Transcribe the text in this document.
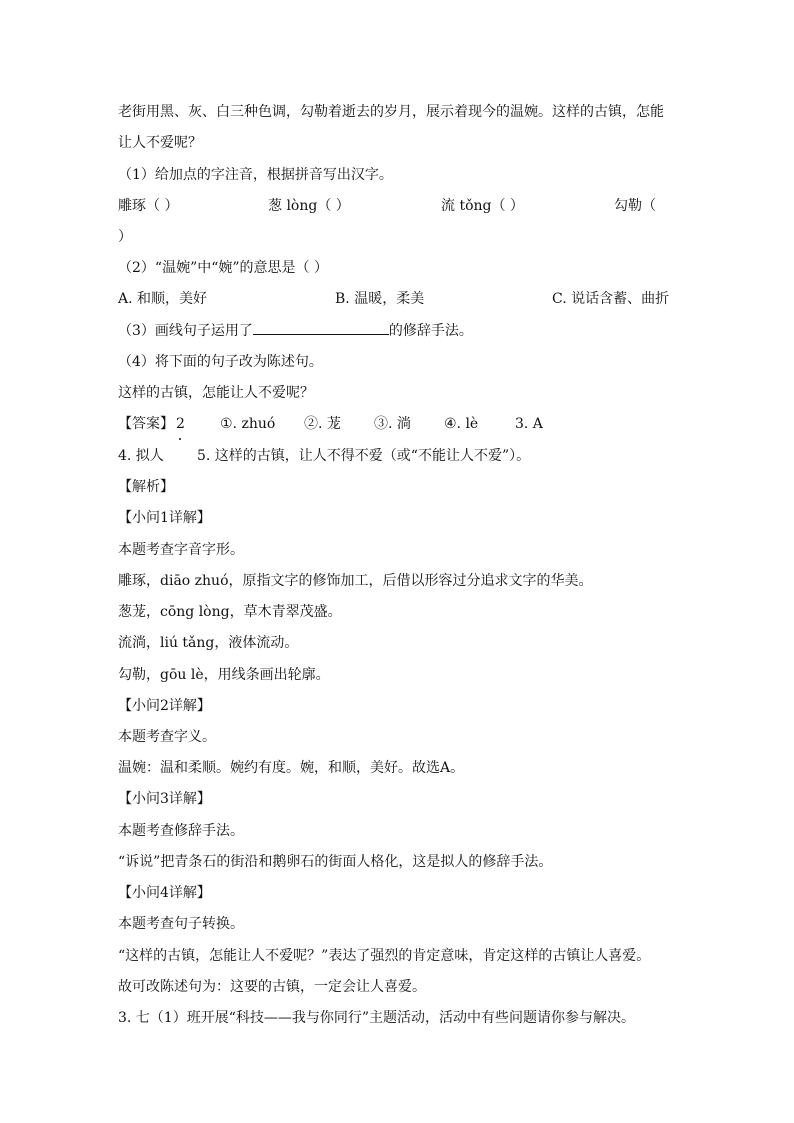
老街用黑、灰、白三种色调，勾勒着逝去的岁月，展示着现今的温婉。这样的古镇，怎能
让人不爱呢？
（1）给加点的字注音，根据拼音写出汉字。
雕琢（ ）	葱 lòng（ ）	流 tǒng（ ）	勾勒（
）
（2）“温婉”中“婉”的意思是（ ）
A. 和顺，美好	B. 温暖，柔美	C. 说话含蓄、曲折
（3）画线句子运用了	的修辞手法。
（4）将下面的句子改为陈述句。
这样的古镇，怎能让人不爱呢？
【答案】 2	①. zhuó ②. 茏 ③. 淌 ④. lè	3. A
4. 拟人 5. 这样的古镇，让人不得不爱（或“不能让人不爱”）。
【解析】
【小问1详解】
本题考查字音字形。
雕琢，diāo zhuó，原指文字的修饰加工，后借以形容过分追求文字的华美。
葱茏，cōng lòng，草木青翠茂盛。
流淌，liú tǎng，液体流动。
勾勒，gōu lè，用线条画出轮廓。
【小问2详解】
本题考查字义。
温婉：温和柔顺。婉约有度。婉，和顺，美好。故选A。
【小问3详解】
本题考查修辞手法。
“诉说”把青条石的街沿和鹅卵石的街面人格化，这是拟人的修辞手法。
【小问4详解】
本题考查句子转换。
“这样的古镇，怎能让人不爱呢？”表达了强烈的肯定意味，肯定这样的古镇让人喜爱。
故可改陈述句为：这要的古镇，一定会让人喜爱。
3. 七（1）班开展“科技——我与你同行”主题活动，活动中有些问题请你参与解决。
